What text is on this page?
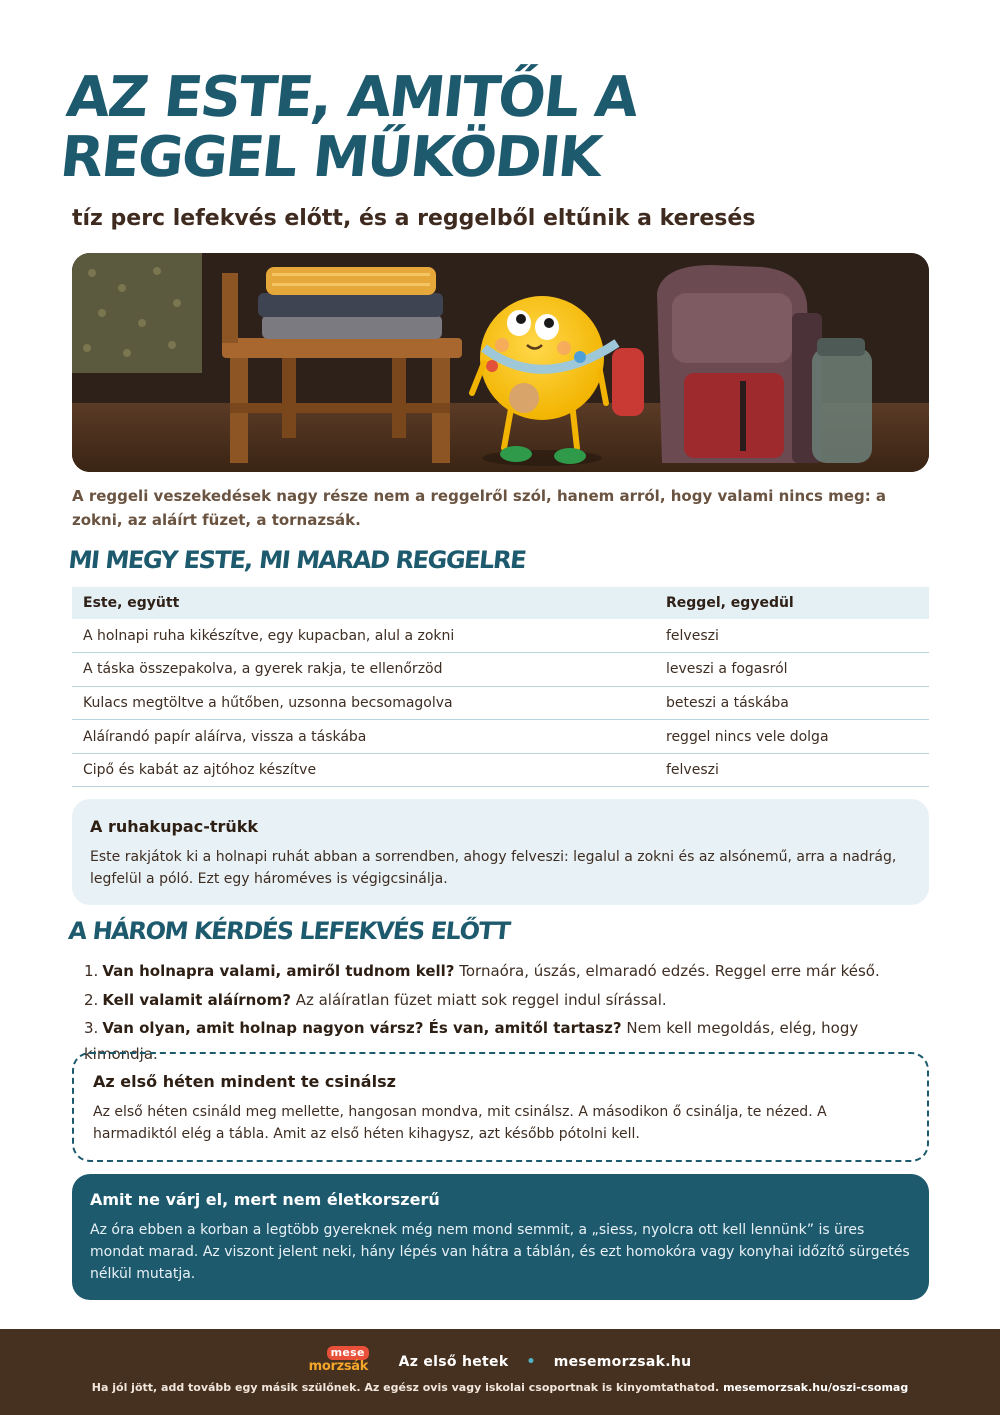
AZ ESTE, AMITŐL A REGGEL MŰKÖDIK
tíz perc lefekvés előtt, és a reggelből eltűnik a keresés
A reggeli veszekedések nagy része nem a reggelről szól, hanem arról, hogy valami nincs meg: a zokni, az aláírt füzet, a tornazsák.
MI MEGY ESTE, MI MARAD REGGELRE
Este, együtt	Reggel, egyedül
A holnapi ruha kikészítve, egy kupacban, alul a zokni	felveszi
A táska összepakolva, a gyerek rakja, te ellenőrzöd	leveszi a fogasról
Kulacs megtöltve a hűtőben, uzsonna becsomagolva	beteszi a táskába
Aláírandó papír aláírva, vissza a táskába	reggel nincs vele dolga
Cipő és kabát az ajtóhoz készítve	felveszi
A ruhakupac-trükk
Este rakjátok ki a holnapi ruhát abban a sorrendben, ahogy felveszi: legalul a zokni és az alsónemű, arra a nadrág, legfelül a póló. Ezt egy hároméves is végigcsinálja.
A HÁROM KÉRDÉS LEFEKVÉS ELŐTT
1. Van holnapra valami, amiről tudnom kell? Tornaóra, úszás, elmaradó edzés. Reggel erre már késő.
2. Kell valamit aláírnom? Az aláíratlan füzet miatt sok reggel indul sírással.
3. Van olyan, amit holnap nagyon vársz? És van, amitől tartasz? Nem kell megoldás, elég, hogy kimondja.
Az első héten mindent te csinálsz
Az első héten csináld meg mellette, hangosan mondva, mit csinálsz. A másodikon ő csinálja, te nézed. A harmadiktól elég a tábla. Amit az első héten kihagysz, azt később pótolni kell.
Amit ne várj el, mert nem életkorszerű
Az óra ebben a korban a legtöbb gyereknek még nem mond semmit, a „siess, nyolcra ott kell lennünk” is üres mondat marad. Az viszont jelent neki, hány lépés van hátra a táblán, és ezt homokóra vagy konyhai időzítő sürgetés nélkül mutatja.
mese
morzsák Az első hetek • mesemorzsak.hu
Ha jól jött, add tovább egy másik szülőnek. Az egész ovis vagy iskolai csoportnak is kinyomtathatod. mesemorzsak.hu/oszi-csomag
